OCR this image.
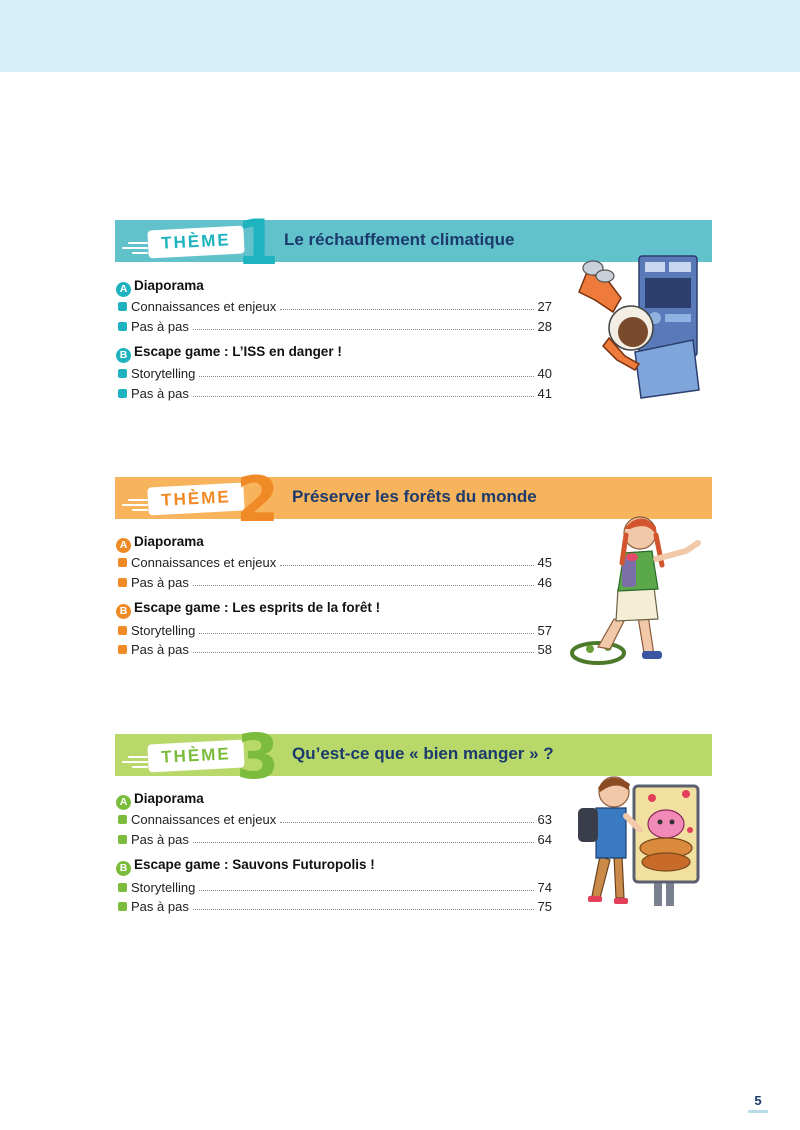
THÈME 1 Le réchauffement climatique
A Diaporama
Connaissances et enjeux	27
Pas à pas	28
B Escape game : L’ISS en danger !
Storytelling	40
Pas à pas	41
THÈME 2 Préserver les forêts du monde
A Diaporama
Connaissances et enjeux	45
Pas à pas	46
B Escape game : Les esprits de la forêt !
Storytelling	57
Pas à pas	58
THÈME 3 Qu’est-ce que « bien manger » ?
A Diaporama
Connaissances et enjeux	63
Pas à pas	64
B Escape game : Sauvons Futuropolis !
Storytelling	74
Pas à pas	75
5
